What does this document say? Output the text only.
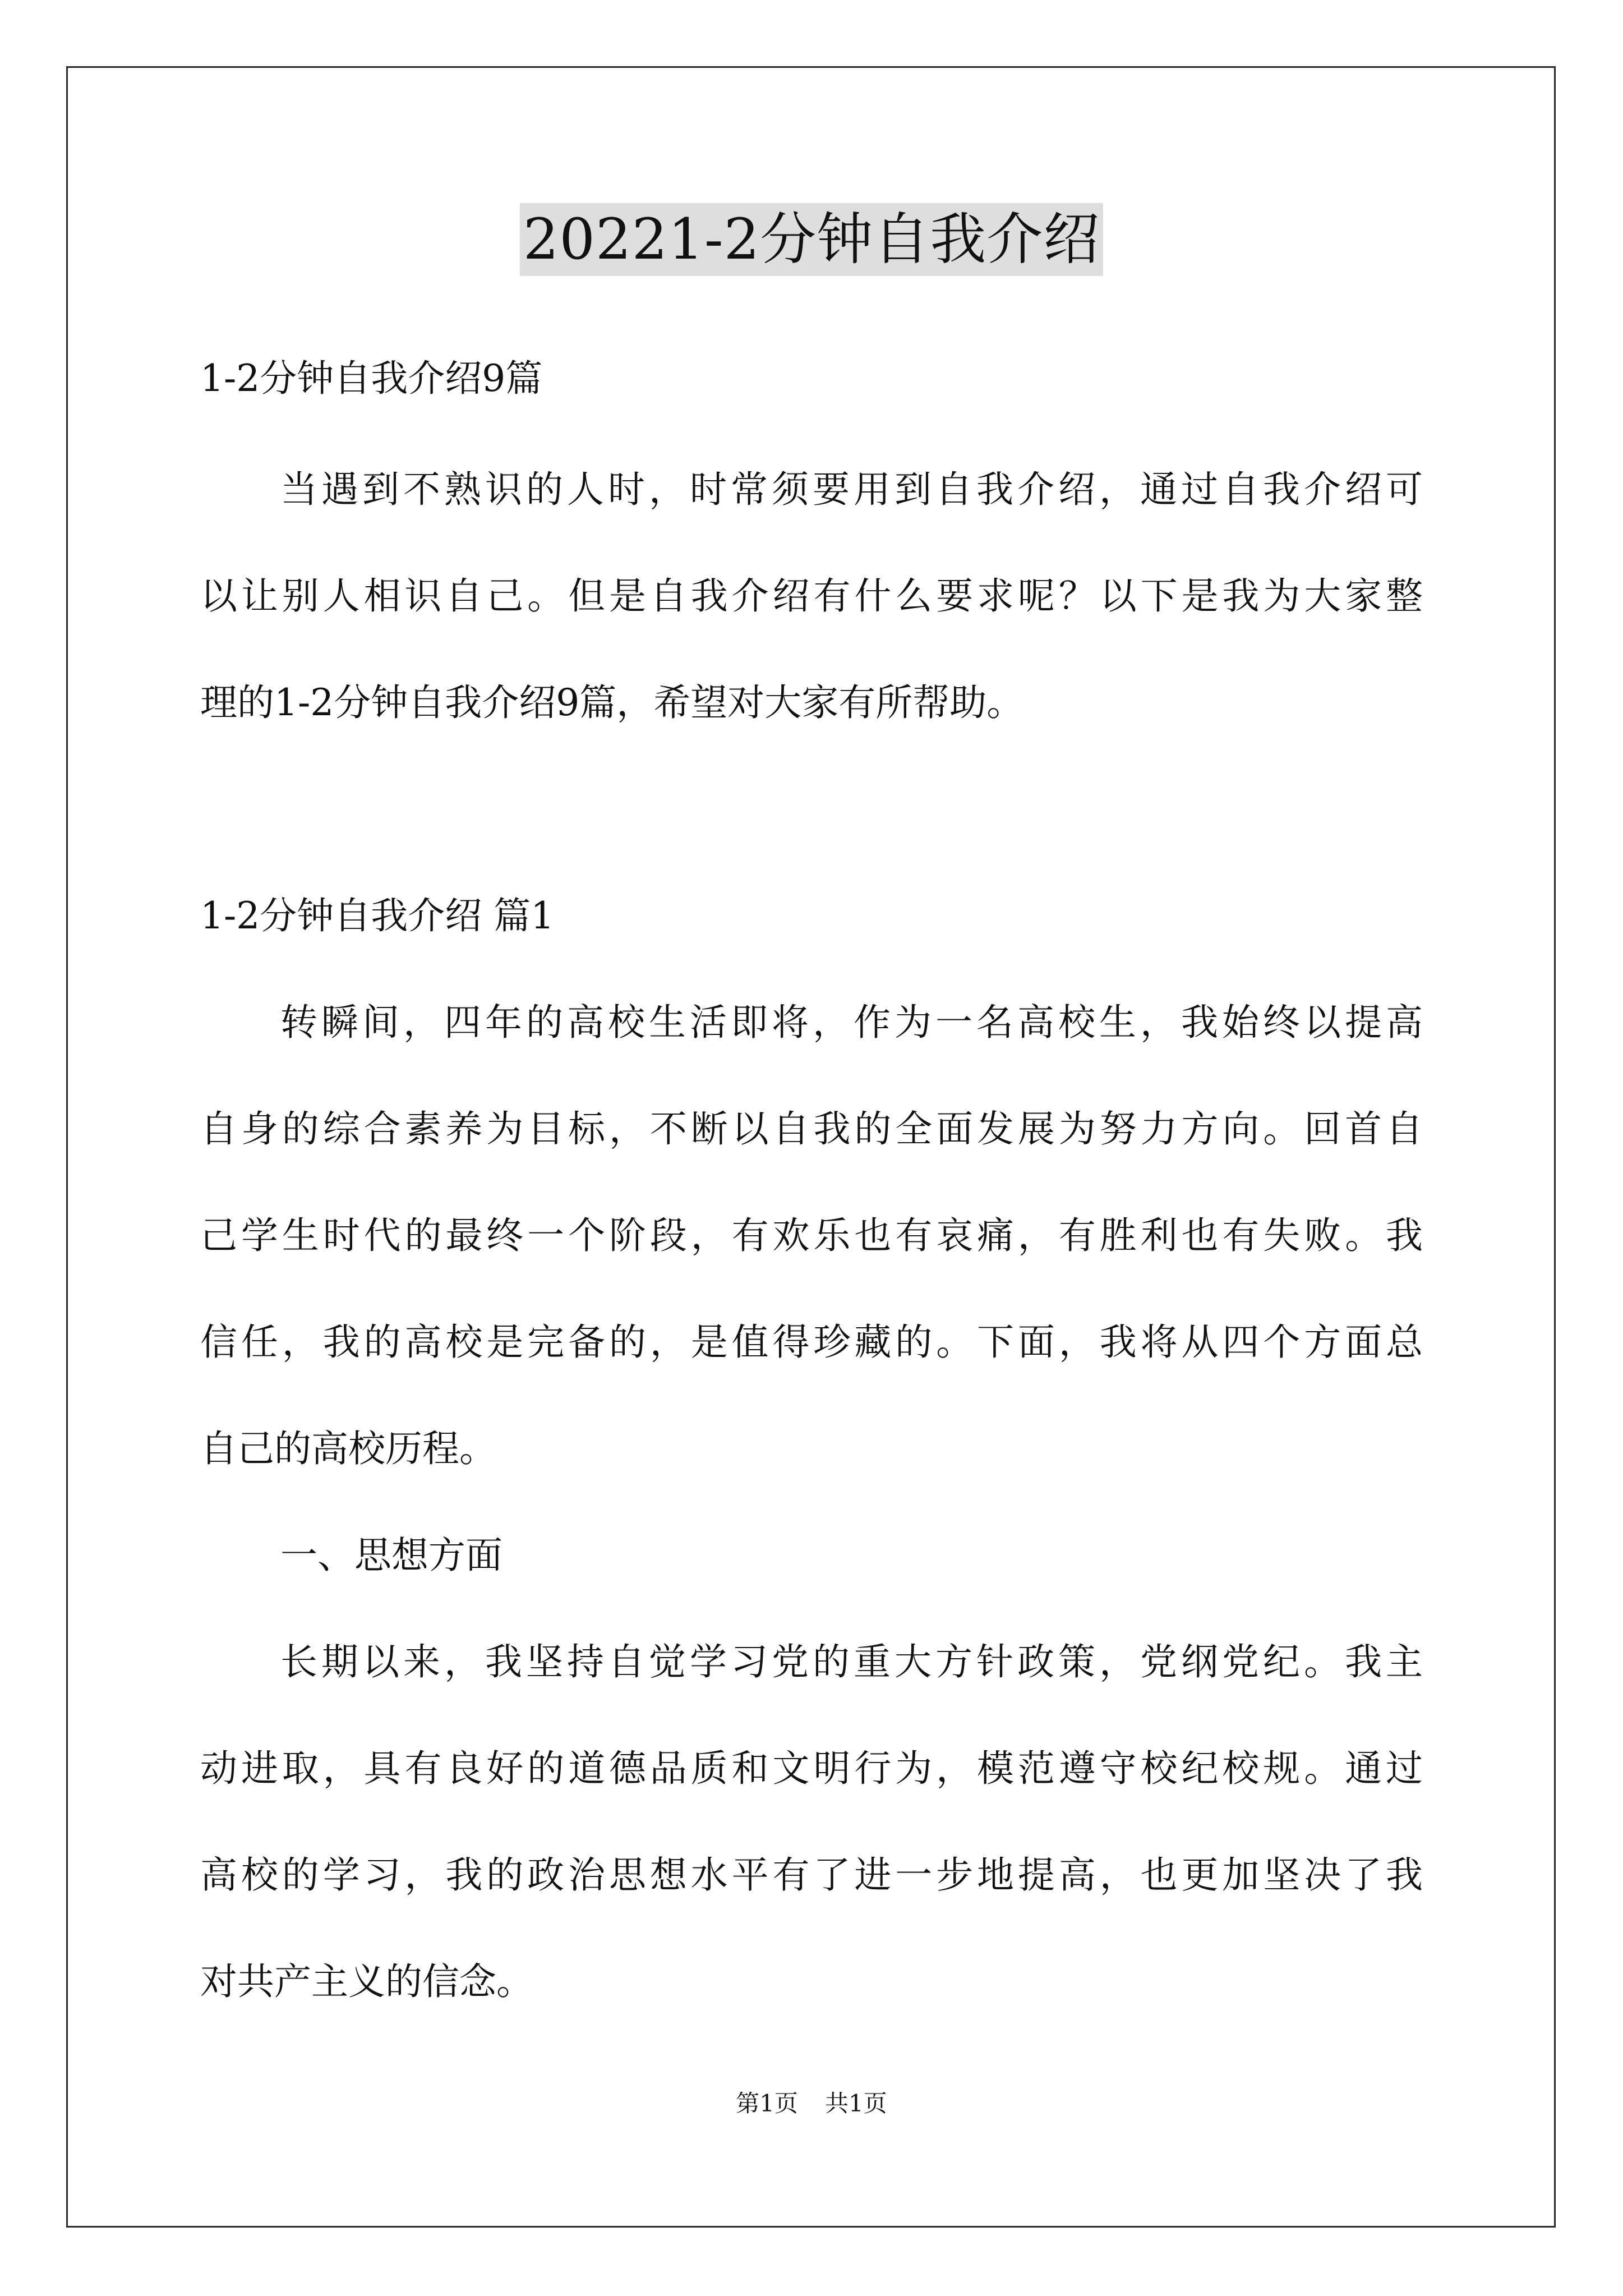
20221-2分钟自我介绍
1-2分钟自我介绍9篇
当遇到不熟识的人时，时常须要用到自我介绍，通过自我介绍可
以让别人相识自己。但是自我介绍有什么要求呢？以下是我为大家整
理的1-2分钟自我介绍9篇，希望对大家有所帮助。
1-2分钟自我介绍 篇1
转瞬间，四年的高校生活即将，作为一名高校生，我始终以提高
自身的综合素养为目标，不断以自我的全面发展为努力方向。回首自
己学生时代的最终一个阶段，有欢乐也有哀痛，有胜利也有失败。我
信任，我的高校是完备的，是值得珍藏的。下面，我将从四个方面总
自己的高校历程。
一、思想方面
长期以来，我坚持自觉学习党的重大方针政策，党纲党纪。我主
动进取，具有良好的道德品质和文明行为，模范遵守校纪校规。通过
高校的学习，我的政治思想水平有了进一步地提高，也更加坚决了我
对共产主义的信念。
第1页 共1页
